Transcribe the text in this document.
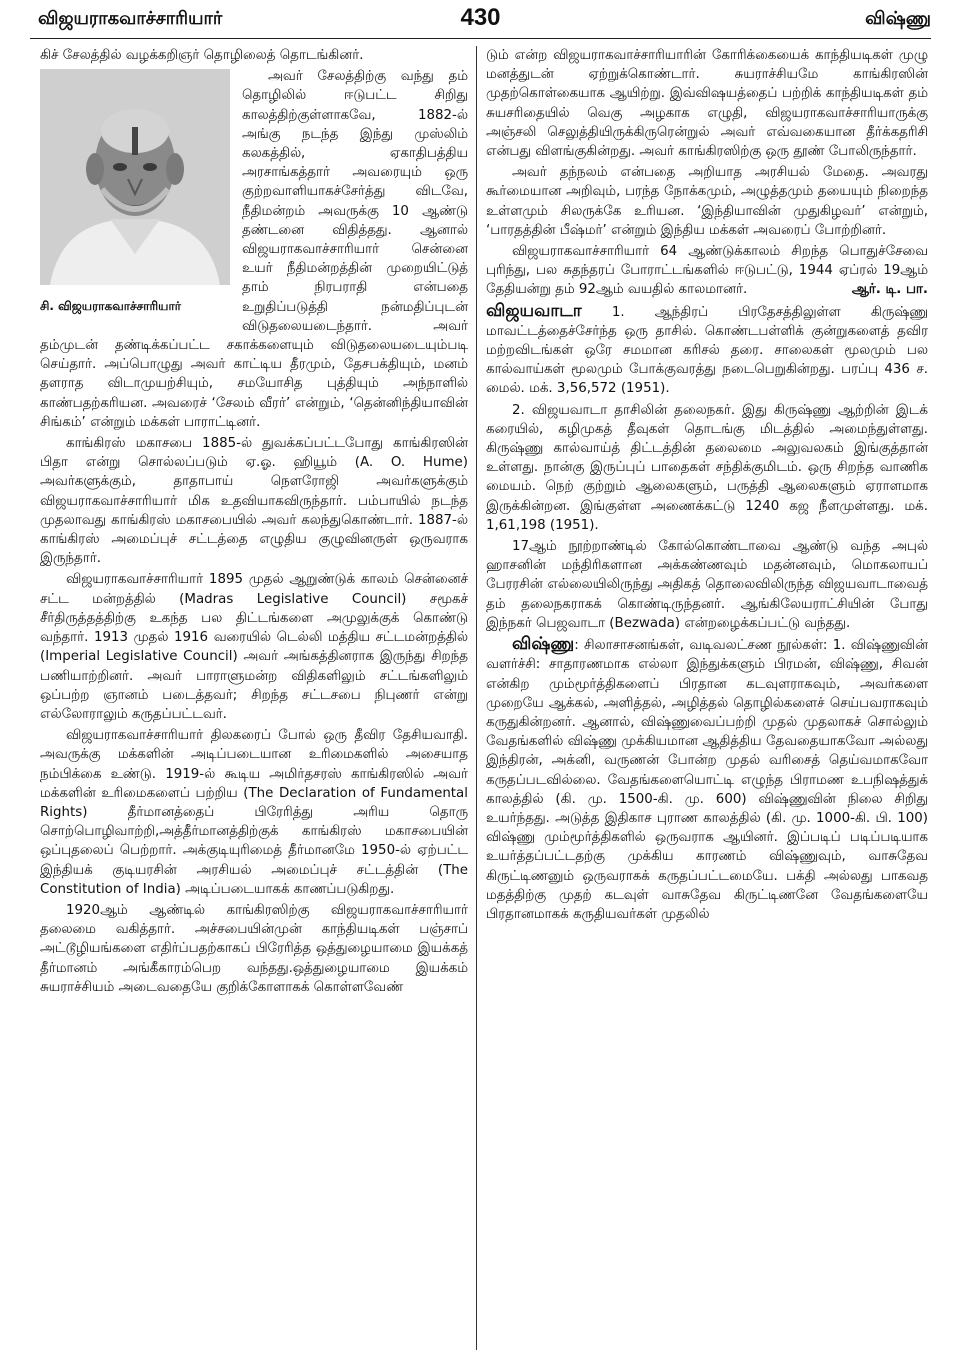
விஜயராகவாச்சாரியார்	430	விஷ்ணு

கிச் சேலத்தில் வழக்கறிஞர் தொழிலைத் தொடங்கினர்.

சி. விஜயராகவாச்சாரியார்

அவர் சேலத்திற்கு வந்து தம் தொழிலில் ஈடுபட்ட சிறிது காலத்திற்குள்ளாகவே, 1882-ல் அங்கு நடந்த இந்து முஸ்லிம் கலகத்தில், ஏகாதிபத்திய அரசாங்கத்தார் அவரையும் ஒரு குற்றவாளியாகச்சேர்த்து விடவே, நீதிமன்றம் அவருக்கு 10 ஆண்டு தண்டனை விதித்தது. ஆனால் விஜயராகவாச்சாரியார் சென்னை உயர் நீதிமன்றத்தின் முறையிட்டுத் தாம் நிரபராதி என்பதை உறுதிப்படுத்தி நன்மதிப்புடன் விடுதலையடைந்தார். அவர் தம்முடன் தண்டிக்கப்பட்ட சகாக்களையும் விடுதலையடையும்படி செய்தார். அப்பொழுது அவர் காட்டிய தீரமும், தேசபக்தியும், மனம் தளராத விடாமுயற்சியும், சமயோசித புத்தியும் அந்நாளில் காண்பதற்கரியன. அவரைச் ‘சேலம் வீரர்’ என்றும், ‘தென்னிந்தியாவின் சிங்கம்’ என்றும் மக்கள் பாராட்டினர்.

காங்கிரஸ் மகாசபை 1885-ல் துவக்கப்பட்டபோது காங்கிரஸின் பிதா என்று சொல்லப்படும் ஏ.ஓ. ஹியூம் (A. O. Hume) அவர்களுக்கும், தாதாபாய் நௌரோஜி அவர்களுக்கும் விஜயராகவாச்சாரியார் மிக உதவியாகவிருந்தார். பம்பாயில் நடந்த முதலாவது காங்கிரஸ் மகாசபையில் அவர் கலந்துகொண்டார். 1887-ல் காங்கிரஸ் அமைப்புச் சட்டத்தை எழுதிய குழுவினருள் ஒருவராக இருந்தார்.

விஜயராகவாச்சாரியார் 1895 முதல் ஆறுண்டுக் காலம் சென்னைச் சட்ட மன்றத்தில் (Madras Legislative Council) சமூகச் சீர்திருத்தத்திற்கு உகந்த பல திட்டங்களை அமுலுக்குக் கொண்டு வந்தார். 1913 முதல் 1916 வரையில் டெல்லி மத்திய சட்டமன்றத்தில் (Imperial Legislative Council) அவர் அங்கத்தினராக இருந்து சிறந்த பணியாற்றினர். அவர் பாராளுமன்ற விதிகளிலும் சட்டங்களிலும் ஒப்பற்ற ஞானம் படைத்தவர்; சிறந்த சட்டசபை நிபுணர் என்று எல்லோராலும் கருதப்பட்டவர்.

விஜயராகவாச்சாரியார் திலகரைப் போல் ஒரு தீவிர தேசியவாதி. அவருக்கு மக்களின் அடிப்படையான உரிமைகளில் அசையாத நம்பிக்கை உண்டு. 1919-ல் கூடிய அமிர்தசரஸ் காங்கிரஸில் அவர் மக்களின் உரிமைகளைப் பற்றிய (The Declaration of Fundamental Rights) தீர்மானத்தைப் பிரேரித்து அரிய தொரு சொற்பொழிவாற்றி,அத்தீர்மானத்திற்குக் காங்கிரஸ் மகாசபையின் ஒப்புதலைப் பெற்றார். அக்குடியுரிமைத் தீர்மானமே 1950-ல் ஏற்பட்ட இந்தியக் குடியரசின் அரசியல் அமைப்புச் சட்டத்தின் (The Constitution of India) அடிப்படையாகக் காணப்படுகிறது.

1920ஆம் ஆண்டில் காங்கிரஸிற்கு விஜயராகவாச்சாரியார் தலைமை வகித்தார். அச்சபையின்முன் காந்தியடிகள் பஞ்சாப் அட்டூழியங்களை எதிர்ப்பதற்காகப் பிரேரித்த ஒத்துழையாமை இயக்கத் தீர்மானம் அங்கீகாரம்பெற வந்தது.ஒத்துழையாமை இயக்கம் சுயராச்சியம் அடைவதையே குறிக்கோளாகக் கொள்ளவேண்

டும் என்ற விஜயராகவாச்சாரியாரின் கோரிக்கையைக் காந்தியடிகள் முழு மனத்துடன் ஏற்றுக்கொண்டார். சுயராச்சியமே காங்கிரஸின் முதற்கொள்கையாக ஆயிற்று. இவ்விஷயத்தைப் பற்றிக் காந்தியடிகள் தம் சுயசரிதையில் வெகு அழகாக எழுதி, விஜயராகவாச்சாரியாருக்கு அஞ்சலி செலுத்தியிருக்கிருரென்றுல் அவர் எவ்வகையான தீர்க்கதரிசி என்பது விளங்குகின்றது. அவர் காங்கிரஸிற்கு ஒரு தூண் போலிருந்தார்.

அவர் தந்நலம் என்பதை அறியாத அரசியல் மேதை. அவரது கூர்மையான அறிவும், பரந்த நோக்கமும், அழுத்தமும் தயையும் நிறைந்த உள்ளமும் சிலருக்கே உரியன. ‘இந்தியாவின் முதுகிழவர்’ என்றும், ‘பாரதத்தின் பீஷ்மர்’ என்றும் இந்திய மக்கள் அவரைப் போற்றினர்.

விஜயராகவாச்சாரியார் 64 ஆண்டுக்காலம் சிறந்த பொதுச்சேவை புரிந்து, பல சுதந்தரப் போராட்டங்களில் ஈடுபட்டு, 1944 ஏப்ரல் 19ஆம் தேதியன்று தம் 92ஆம் வயதில் காலமானர்.	ஆர். டி. பா.

விஜயவாடா 1. ஆந்திரப் பிரதேசத்திலுள்ள கிருஷ்ணு மாவட்டத்தைச்சேர்ந்த ஒரு தாசில். கொண்டபள்ளிக் குன்றுகளைத் தவிர மற்றவிடங்கள் ஒரே சமமான கரிசல் தரை. சாலைகள் மூலமும் பல கால்வாய்கள் மூலமும் போக்குவரத்து நடைபெறுகின்றது. பரப்பு 436 ச. மைல். மக். 3,56,572 (1951).

2. விஜயவாடா தாசிலின் தலைநகர். இது கிருஷ்ணு ஆற்றின் இடக் கரையில், கழிமுகத் தீவுகள் தொடங்கு மிடத்தில் அமைந்துள்ளது. கிருஷ்ணு கால்வாய்த் திட்டத்தின் தலைமை அலுவலகம் இங்குத்தான் உள்ளது. நான்கு இருப்புப் பாதைகள் சந்திக்குமிடம். ஒரு சிறந்த வாணிக மையம். நெற் குற்றும் ஆலைகளும், பருத்தி ஆலைகளும் ஏராளமாக இருக்கின்றன. இங்குள்ள அணைக்கட்டு 1240 கஜ நீளமுள்ளது. மக். 1,61,198 (1951).

17ஆம் நூற்றாண்டில் கோல்கொண்டாவை ஆண்டு வந்த அபுல் ஹாசனின் மந்திரிகளான அக்கண்ணவும் மதன்னவும், மொகலாயப் பேரரசின் எல்லையிலிருந்து அதிகத் தொலைவிலிருந்த விஜயவாடாவைத் தம் தலைநகராகக் கொண்டிருந்தனர். ஆங்கிலேயராட்சியின் போது இந்நகர் பெஜவாடா (Bezwada) என்றழைக்கப்பட்டு வந்தது.

விஷ்ணு: சிலாசாசனங்கள், வடிவலட்சண நூல்கள்: 1. விஷ்ணுவின் வளர்ச்சி: சாதாரணமாக எல்லா இந்துக்களும் பிரமன், விஷ்ணு, சிவன் என்கிற மும்மூர்த்திகளைப் பிரதான கடவுளராகவும், அவர்களை முறையே ஆக்கல், அளித்தல், அழித்தல் தொழில்களைச் செய்பவராகவும் கருதுகின்றனர். ஆனால், விஷ்ணுவைப்பற்றி முதல் முதலாகச் சொல்லும் வேதங்களில் விஷ்ணு முக்கியமான ஆதித்திய தேவதையாகவோ அல்லது இந்திரன், அக்னி, வருணன் போன்ற முதல் வரிசைத் தெய்வமாகவோ கருதப்படவில்லை. வேதங்களையொட்டி எழுந்த பிராமண உபநிஷத்துக் காலத்தில் (கி. மு. 1500-கி. மு. 600) விஷ்ணுவின் நிலை சிறிது உயர்ந்தது. அடுத்த இதிகாச புராண காலத்தில் (கி. மு. 1000-கி. பி. 100) விஷ்ணு மும்மூர்த்திகளில் ஒருவராக ஆயினர். இப்படிப் படிப்படியாக உயர்த்தப்பட்டதற்கு முக்கிய காரணம் விஷ்ணுவும், வாசுதேவ கிருட்டிணனும் ஒருவராகக் கருதப்பட்டமையே. பக்தி அல்லது பாகவத மதத்திற்கு முதற் கடவுள் வாசுதேவ கிருட்டிணனே வேதங்களையே பிரதானமாகக் கருதியவர்கள் முதலில்
